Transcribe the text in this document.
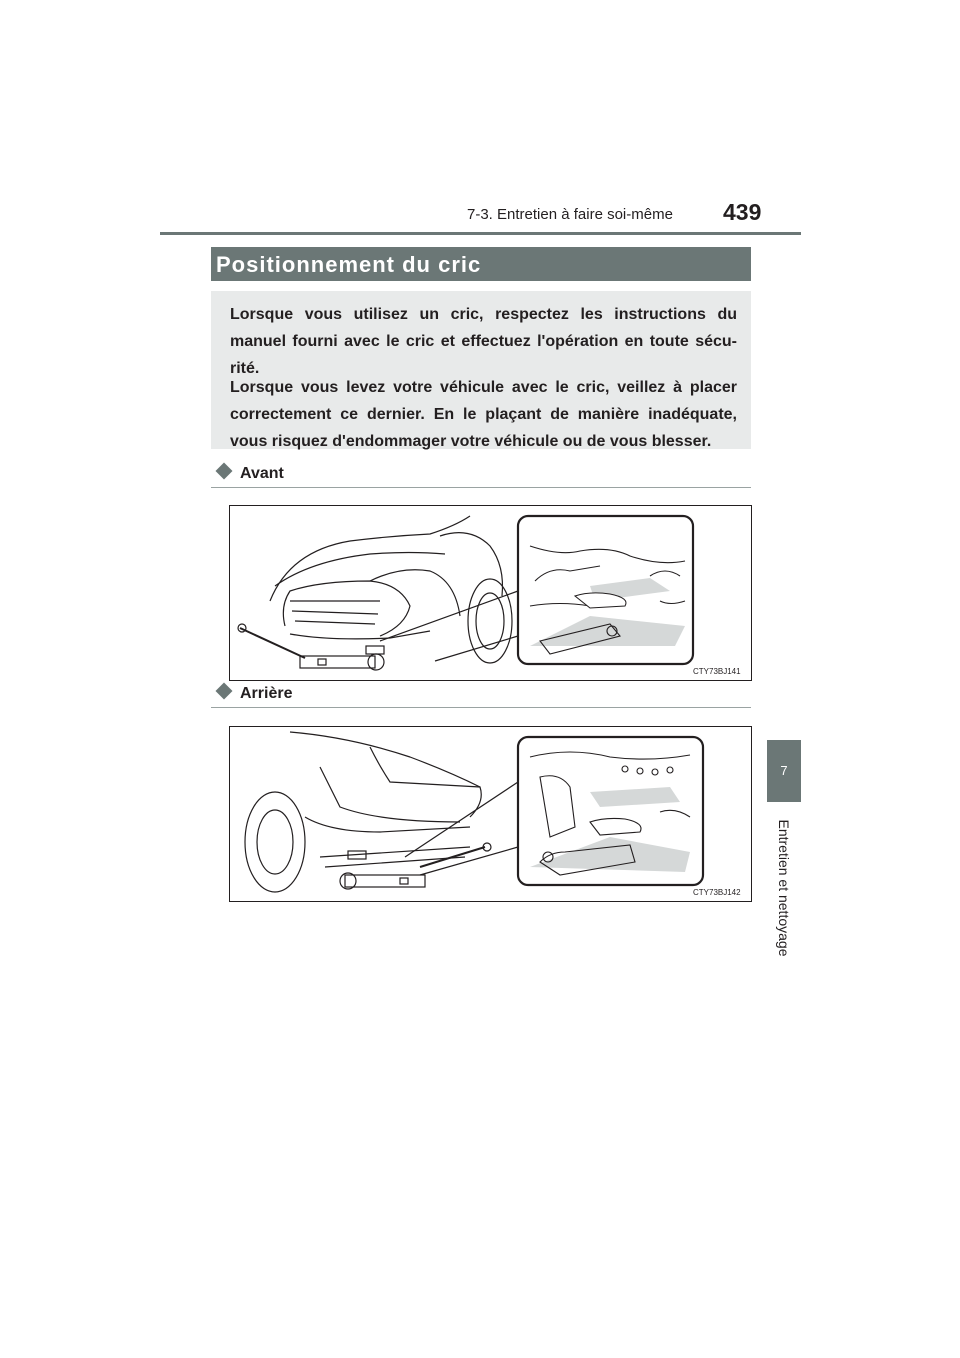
7-3. Entretien à faire soi-même 439
7
Entretien et nettoyage
Positionnement du cric

Lorsque vous utilisez un cric, respectez les instructions du manuel fourni avec le cric et effectuez l'opération en toute sécu-rité.

Lorsque vous levez votre véhicule avec le cric, veillez à placer correctement ce dernier. En le plaçant de manière inadéquate, vous risquez d'endommager votre véhicule ou de vous blesser.

Avant
CTY73BJ141
Arrière
CTY73BJ142
